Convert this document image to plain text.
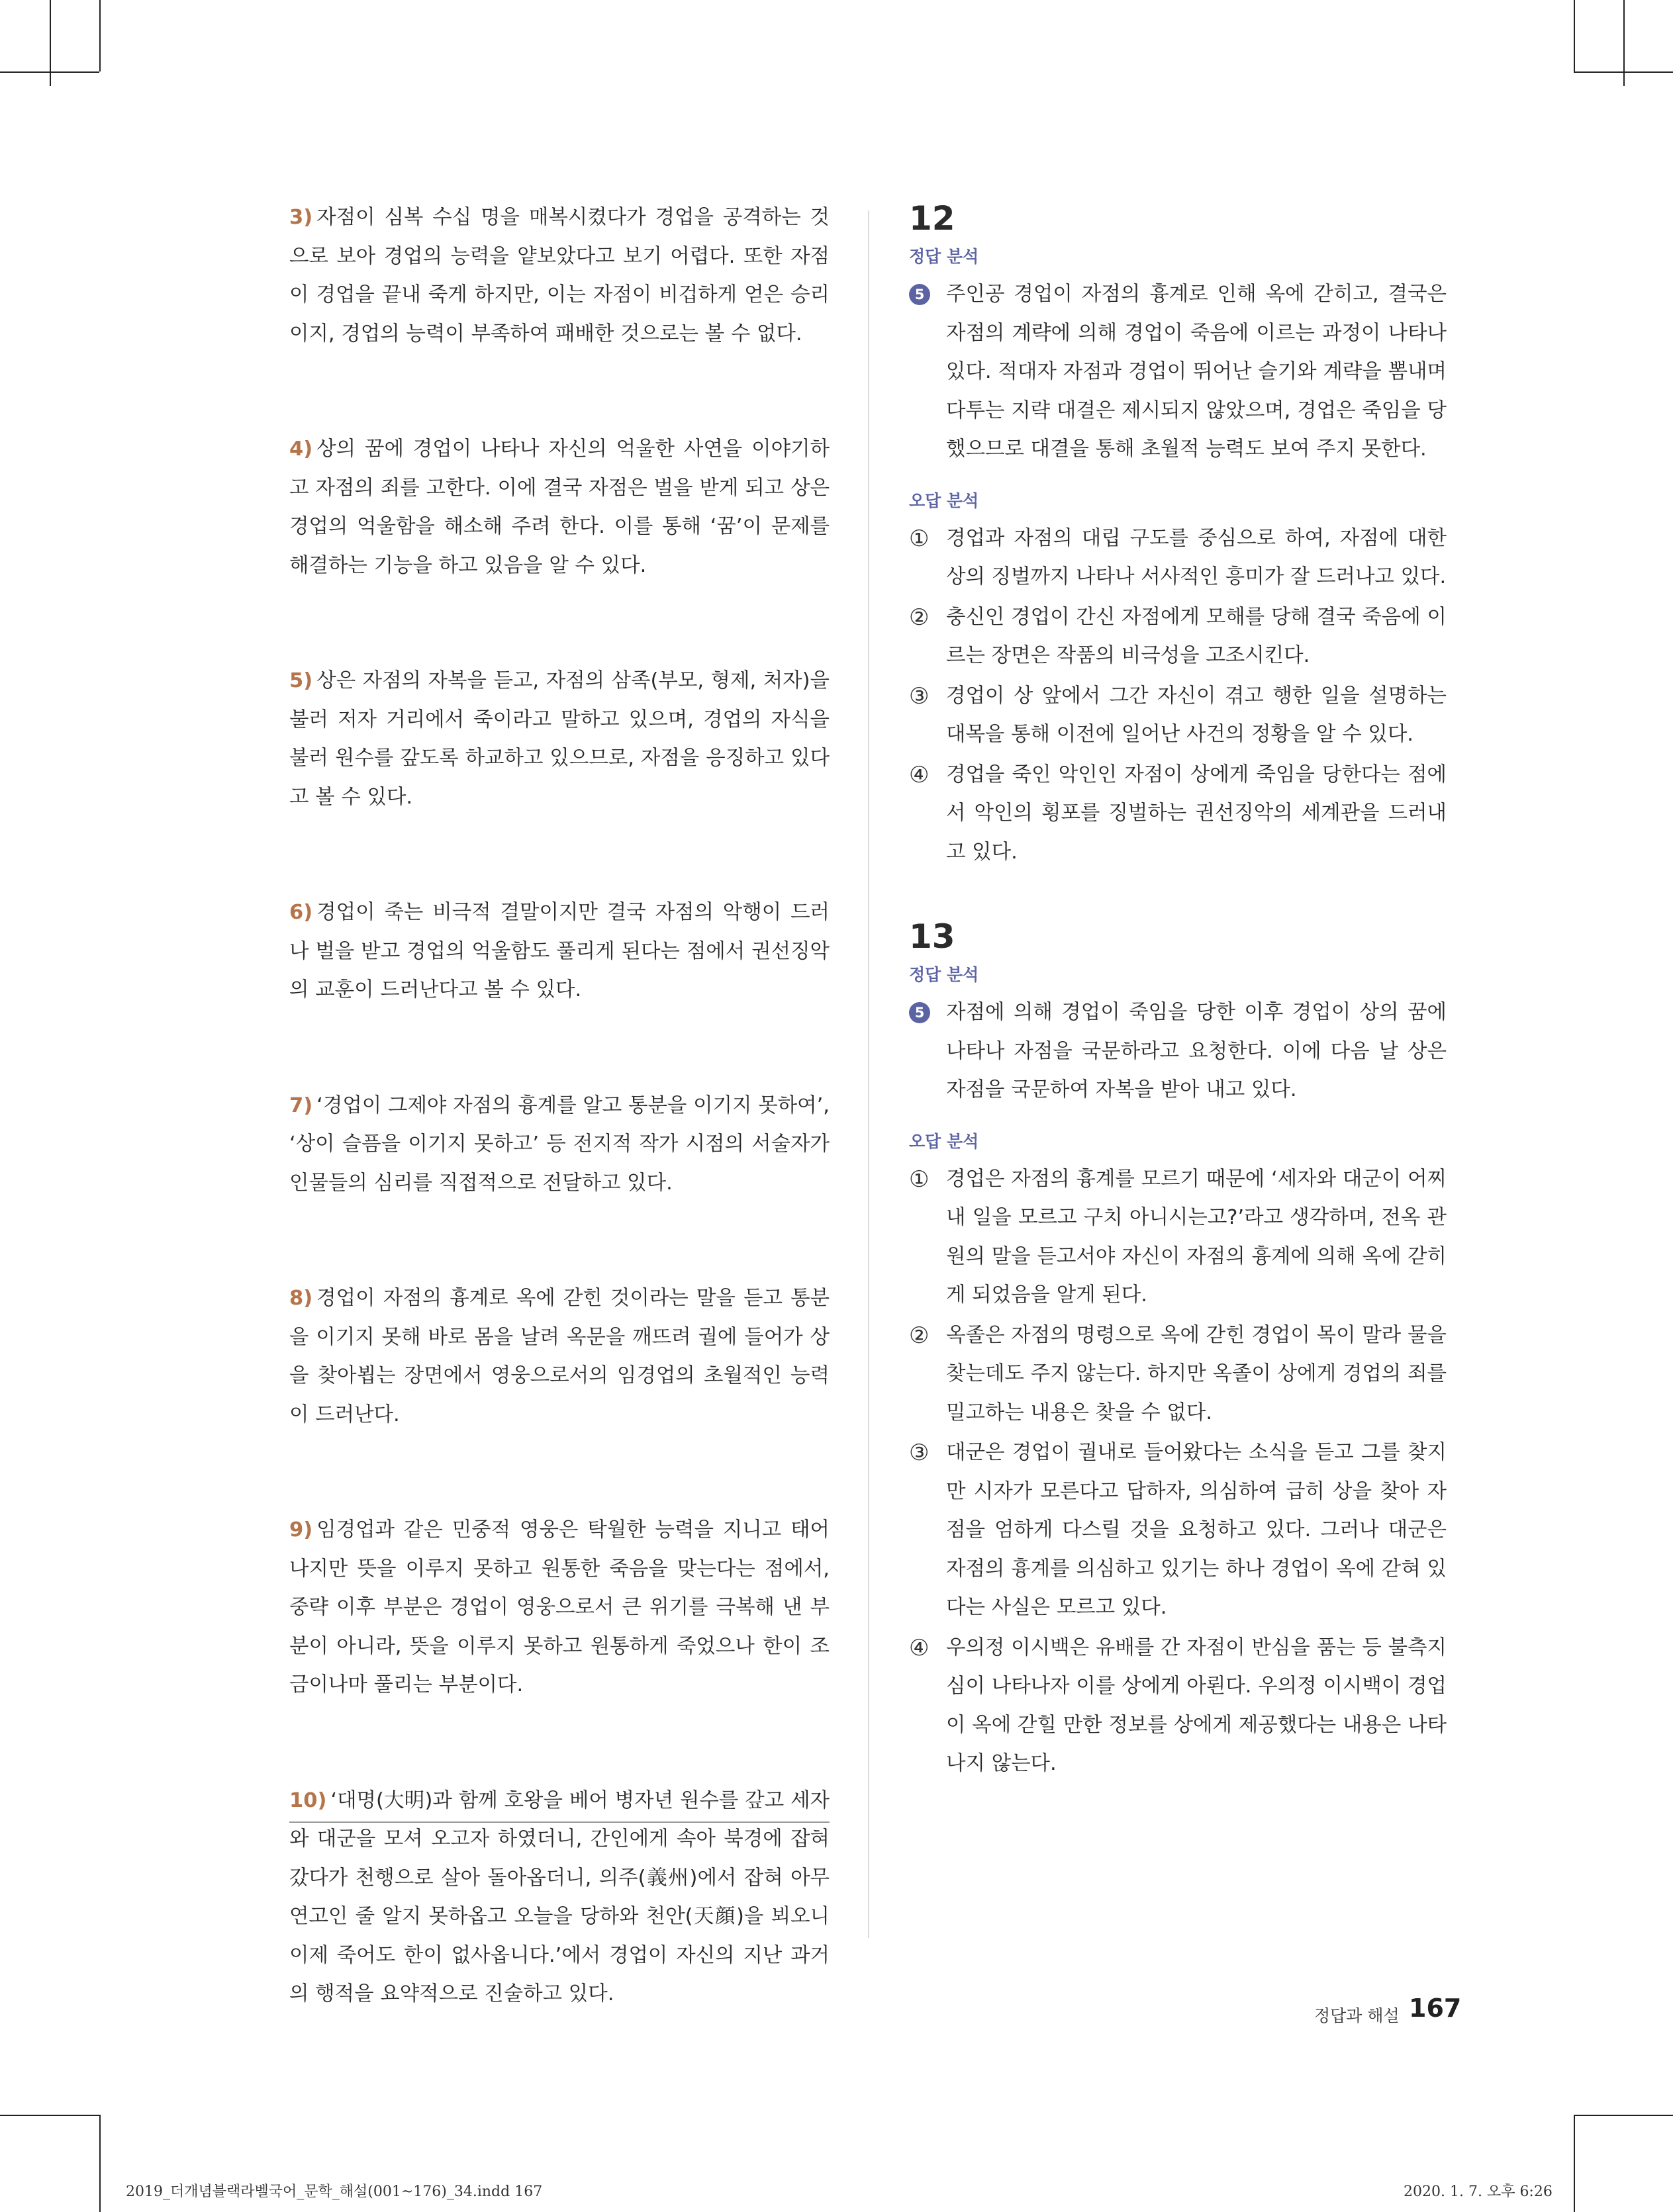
3) 자점이 심복 수십 명을 매복시켰다가 경업을 공격하는 것으로 보아 경업의 능력을 얕보았다고 보기 어렵다. 또한 자점이 경업을 끝내 죽게 하지만, 이는 자점이 비겁하게 얻은 승리이지, 경업의 능력이 부족하여 패배한 것으로는 볼 수 없다.

4) 상의 꿈에 경업이 나타나 자신의 억울한 사연을 이야기하고 자점의 죄를 고한다. 이에 결국 자점은 벌을 받게 되고 상은 경업의 억울함을 해소해 주려 한다. 이를 통해 ‘꿈’이 문제를 해결하는 기능을 하고 있음을 알 수 있다.

5) 상은 자점의 자복을 듣고, 자점의 삼족(부모, 형제, 처자)을 불러 저자 거리에서 죽이라고 말하고 있으며, 경업의 자식을 불러 원수를 갚도록 하교하고 있으므로, 자점을 응징하고 있다고 볼 수 있다.

6) 경업이 죽는 비극적 결말이지만 결국 자점의 악행이 드러나 벌을 받고 경업의 억울함도 풀리게 된다는 점에서 권선징악의 교훈이 드러난다고 볼 수 있다.

7) ‘경업이 그제야 자점의 흉계를 알고 통분을 이기지 못하여’, ‘상이 슬픔을 이기지 못하고’ 등 전지적 작가 시점의 서술자가 인물들의 심리를 직접적으로 전달하고 있다.

8) 경업이 자점의 흉계로 옥에 갇힌 것이라는 말을 듣고 통분을 이기지 못해 바로 몸을 날려 옥문을 깨뜨려 궐에 들어가 상을 찾아뵙는 장면에서 영웅으로서의 임경업의 초월적인 능력이 드러난다.

9) 임경업과 같은 민중적 영웅은 탁월한 능력을 지니고 태어나지만 뜻을 이루지 못하고 원통한 죽음을 맞는다는 점에서, 중략 이후 부분은 경업이 영웅으로서 큰 위기를 극복해 낸 부분이 아니라, 뜻을 이루지 못하고 원통하게 죽었으나 한이 조금이나마 풀리는 부분이다.

10) ‘대명(大明)과 함께 호왕을 베어 병자년 원수를 갚고 세자와 대군을 모셔 오고자 하였더니, 간인에게 속아 북경에 잡혀갔다가 천행으로 살아 돌아옵더니, 의주(義州)에서 잡혀 아무 연고인 줄 알지 못하옵고 오늘을 당하와 천안(天顔)을 뵈오니 이제 죽어도 한이 없사옵니다.’에서 경업이 자신의 지난 과거의 행적을 요약적으로 진술하고 있다.

12
정답 분석
5 주인공 경업이 자점의 흉계로 인해 옥에 갇히고, 결국은 자점의 계략에 의해 경업이 죽음에 이르는 과정이 나타나 있다. 적대자 자점과 경업이 뛰어난 슬기와 계략을 뽐내며 다투는 지략 대결은 제시되지 않았으며, 경업은 죽임을 당했으므로 대결을 통해 초월적 능력도 보여 주지 못한다.
오답 분석
① 경업과 자점의 대립 구도를 중심으로 하여, 자점에 대한 상의 징벌까지 나타나 서사적인 흥미가 잘 드러나고 있다.
② 충신인 경업이 간신 자점에게 모해를 당해 결국 죽음에 이르는 장면은 작품의 비극성을 고조시킨다.
③ 경업이 상 앞에서 그간 자신이 겪고 행한 일을 설명하는 대목을 통해 이전에 일어난 사건의 정황을 알 수 있다.
④ 경업을 죽인 악인인 자점이 상에게 죽임을 당한다는 점에서 악인의 횡포를 징벌하는 권선징악의 세계관을 드러내고 있다.
13
정답 분석
5 자점에 의해 경업이 죽임을 당한 이후 경업이 상의 꿈에 나타나 자점을 국문하라고 요청한다. 이에 다음 날 상은 자점을 국문하여 자복을 받아 내고 있다.
오답 분석
① 경업은 자점의 흉계를 모르기 때문에 ‘세자와 대군이 어찌 내 일을 모르고 구치 아니시는고?’라고 생각하며, 전옥 관원의 말을 듣고서야 자신이 자점의 흉계에 의해 옥에 갇히게 되었음을 알게 된다.
② 옥졸은 자점의 명령으로 옥에 갇힌 경업이 목이 말라 물을 찾는데도 주지 않는다. 하지만 옥졸이 상에게 경업의 죄를 밀고하는 내용은 찾을 수 없다.
③ 대군은 경업이 궐내로 들어왔다는 소식을 듣고 그를 찾지만 시자가 모른다고 답하자, 의심하여 급히 상을 찾아 자점을 엄하게 다스릴 것을 요청하고 있다. 그러나 대군은 자점의 흉계를 의심하고 있기는 하나 경업이 옥에 갇혀 있다는 사실은 모르고 있다.
④ 우의정 이시백은 유배를 간 자점이 반심을 품는 등 불측지심이 나타나자 이를 상에게 아뢴다. 우의정 이시백이 경업이 옥에 갇힐 만한 정보를 상에게 제공했다는 내용은 나타나지 않는다.
정답과 해설 167
2019_더개념블랙라벨국어_문학_해설(001~176)_34.indd 167	2020. 1. 7. 오후 6:26
